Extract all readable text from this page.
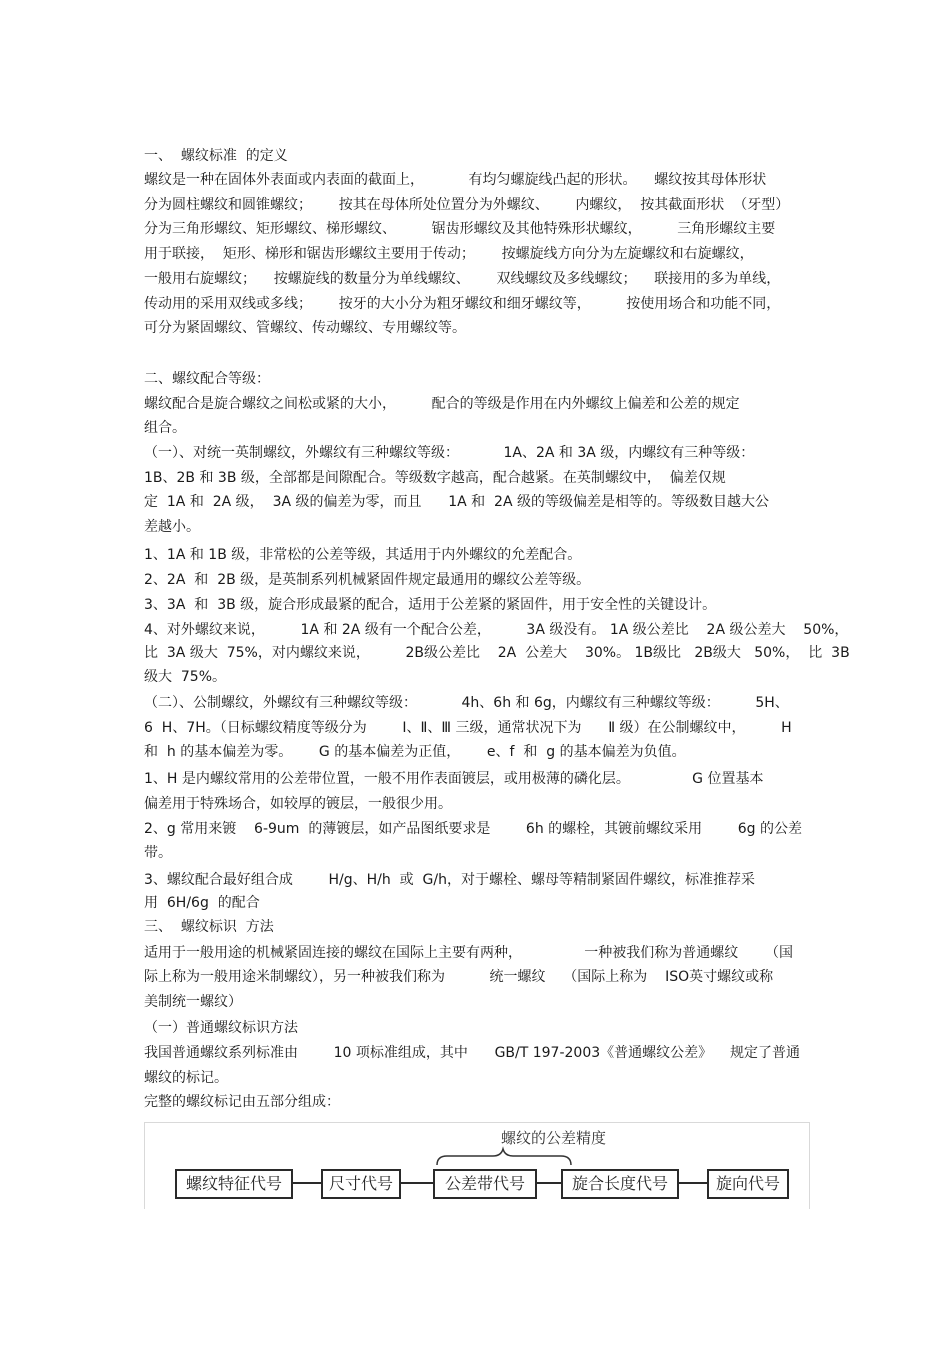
一、  螺纹标准  的定义
螺纹是一种在固体外表面或内表面的截面上，          有均匀螺旋线凸起的形状。    螺纹按其母体形状
分为圆柱螺纹和圆锥螺纹；      按其在母体所处位置分为外螺纹、      内螺纹，  按其截面形状  （牙型）
分为三角形螺纹、矩形螺纹、梯形螺纹、        锯齿形螺纹及其他特殊形状螺纹，        三角形螺纹主要
用于联接，  矩形、梯形和锯齿形螺纹主要用于传动；      按螺旋线方向分为左旋螺纹和右旋螺纹，
一般用右旋螺纹；    按螺旋线的数量分为单线螺纹、      双线螺纹及多线螺纹；    联接用的多为单线，
传动用的采用双线或多线；      按牙的大小分为粗牙螺纹和细牙螺纹等，        按使用场合和功能不同，
可分为紧固螺纹、管螺纹、传动螺纹、专用螺纹等。
二、螺纹配合等级：
螺纹配合是旋合螺纹之间松或紧的大小，        配合的等级是作用在内外螺纹上偏差和公差的规定
组合。
（一）、对统一英制螺纹，外螺纹有三种螺纹等级：          1A、2A 和 3A 级，内螺纹有三种等级：
1B、2B 和 3B 级，全部都是间隙配合。等级数字越高，配合越紧。在英制螺纹中，  偏差仅规
定  1A 和  2A 级，  3A 级的偏差为零，而且      1A 和  2A 级的等级偏差是相等的。等级数目越大公
差越小。
1、1A 和 1B 级，非常松的公差等级，其适用于内外螺纹的允差配合。
2、2A  和  2B 级，是英制系列机械紧固件规定最通用的螺纹公差等级。
3、3A  和  3B 级，旋合形成最紧的配合，适用于公差紧的紧固件，用于安全性的关键设计。
4、对外螺纹来说，        1A 和 2A 级有一个配合公差，        3A 级没有。 1A 级公差比    2A 级公差大    50%，
比  3A 级大  75%，对内螺纹来说，        2B级公差比    2A  公差大    30%。 1B级比   2B级大   50%，  比  3B
级大  75%。
（二）、公制螺纹，外螺纹有三种螺纹等级：          4h、6h 和 6g，内螺纹有三种螺纹等级：        5H、
6  H、7H。（日标螺纹精度等级分为        Ⅰ、Ⅱ、Ⅲ 三级，通常状况下为      Ⅱ 级）在公制螺纹中，        H
和  h 的基本偏差为零。      G 的基本偏差为正值，      e、f  和  g 的基本偏差为负值。
1、H 是内螺纹常用的公差带位置，一般不用作表面镀层，或用极薄的磷化层。              G 位置基本
偏差用于特殊场合，如较厚的镀层，一般很少用。
2、g 常用来镀    6-9um  的薄镀层，如产品图纸要求是        6h 的螺栓，其镀前螺纹采用        6g 的公差
带。
3、螺纹配合最好组合成        H/g、H/h  或  G/h，对于螺栓、螺母等精制紧固件螺纹，标准推荐采
用  6H/6g  的配合
三、  螺纹标识  方法
适用于一般用途的机械紧固连接的螺纹在国际上主要有两种，              一种被我们称为普通螺纹      （国
际上称为一般用途米制螺纹），另一种被我们称为          统一螺纹    （国际上称为    ISO英寸螺纹或称
美制统一螺纹）
（一）普通螺纹标识方法
我国普通螺纹系列标准由        10 项标准组成，其中      GB/T 197-2003《普通螺纹公差》    规定了普通
螺纹的标记。
完整的螺纹标记由五部分组成：
螺纹的公差精度
螺纹特征代号	尺寸代号	公差带代号	旋合长度代号	旋向代号
